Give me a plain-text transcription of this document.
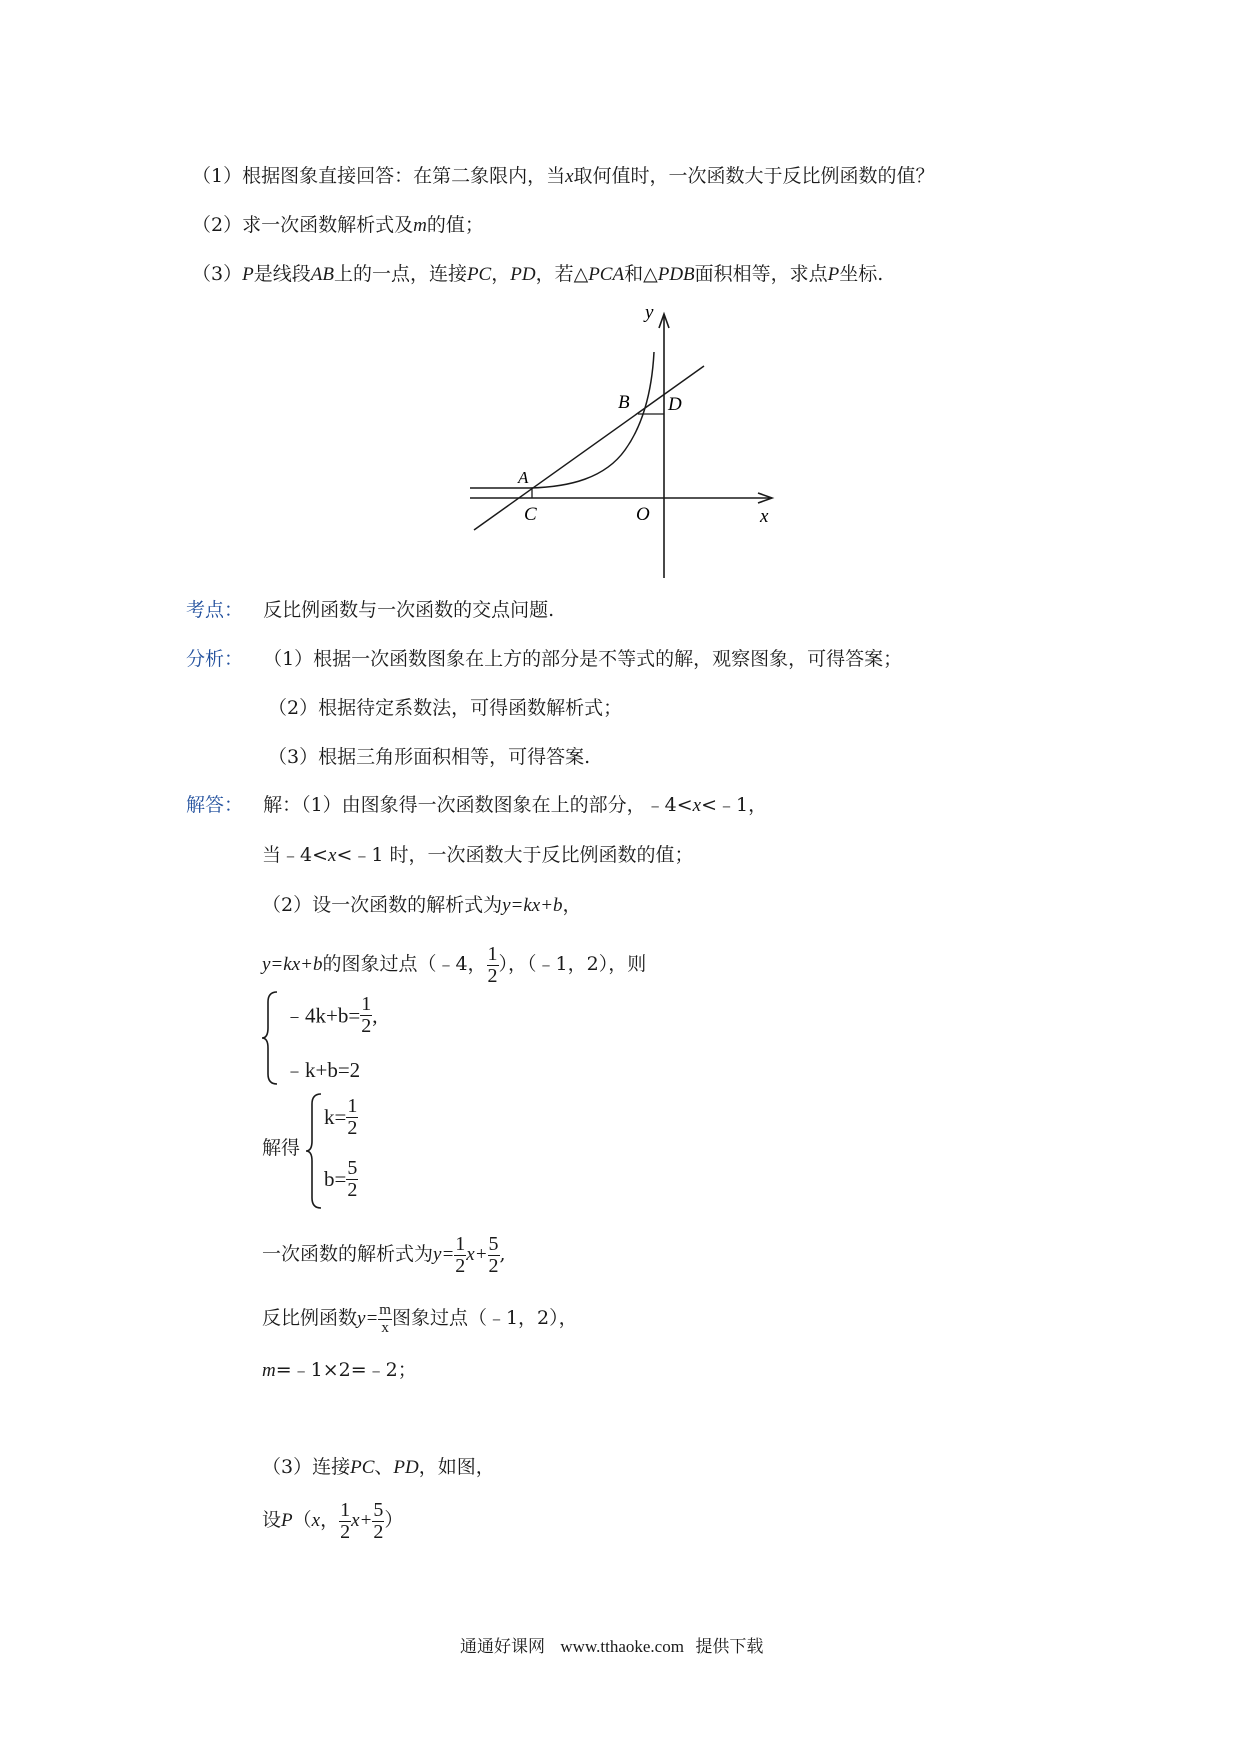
（1）根据图象直接回答：在第二象限内，当x取何值时，一次函数大于反比例函数的值？
（2）求一次函数解析式及m的值；
（3）P是线段AB上的一点，连接PC，PD，若△PCA和△PDB面积相等，求点P坐标.
y
x
O
A
B
C
D
考点： 反比例函数与一次函数的交点问题.
分析： （1）根据一次函数图象在上方的部分是不等式的解，观察图象，可得答案；
（2）根据待定系数法，可得函数解析式；
（3）根据三角形面积相等，可得答案.
解答： 解：（1）由图象得一次函数图象在上的部分，﹣4<x<﹣1，
当﹣4<x<﹣1 时，一次函数大于反比例函数的值；
（2）设一次函数的解析式为y=kx+b，
y=kx+b的图象过点（﹣4， $\frac{1}{2}$ ），（﹣1，2），则
﹣4k+b= $\frac{1}{2}$ ,
﹣k+b=2
解得
$k= \frac{1}{2}$
$b= \frac{5}{2}$
一次函数的解析式为$y= \frac{1}{2} x+ \frac{5}{2}$ ,
反比例函数$y= \frac{m}{x}$ 图象过点（﹣1，2），
m=﹣1×2=﹣2；
（3）连接PC、PD，如图，
设P（x， $\frac{1}{2} x+ \frac{5}{2}$ ）
通通好课网 www.tthaoke.com 提供下载
